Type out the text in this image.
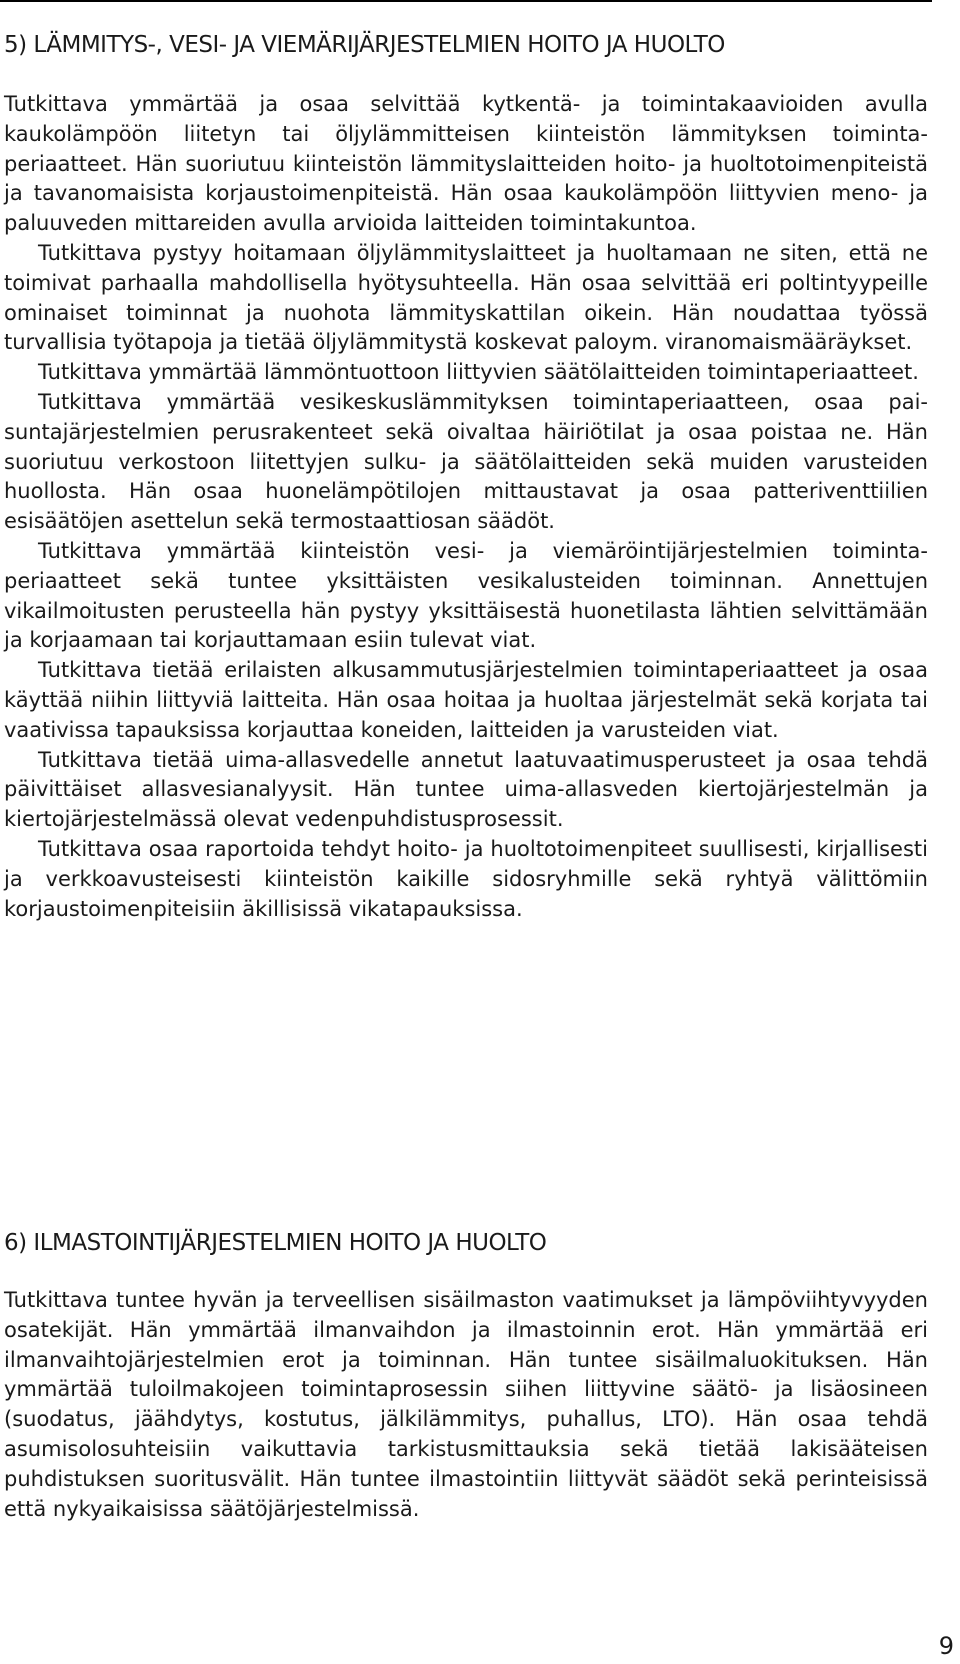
5) LÄMMITYS-, VESI- JA VIEMÄRIJÄRJESTELMIEN HOITO JA HUOLTO

Tutkittava ymmärtää ja osaa selvittää kytkentä- ja toimintakaavioiden avulla kaukolämpöön liitetyn tai öljylämmitteisen kiinteistön lämmityksen toimintaperiaatteet. Hän suoriutuu kiinteistön lämmityslaitteiden hoito- ja huoltotoimenpiteistä ja tavanomaisista korjaustoimenpiteistä. Hän osaa kaukolämpöön liittyvien meno- ja paluuveden mittareiden avulla arvioida laitteiden toimintakuntoa.

Tutkittava pystyy hoitamaan öljylämmityslaitteet ja huoltamaan ne siten, että ne toimivat parhaalla mahdollisella hyötysuhteella. Hän osaa selvittää eri poltintyypeille ominaiset toiminnat ja nuohota lämmityskattilan oikein. Hän noudattaa työssä turvallisia työtapoja ja tietää öljylämmitystä koskevat paloym. viranomaismääräykset.

Tutkittava ymmärtää lämmöntuottoon liittyvien säätölaitteiden toimintaperiaatteet.

Tutkittava ymmärtää vesikeskuslämmityksen toimintaperiaatteen, osaa paisuntajärjestelmien perusrakenteet sekä oivaltaa häiriötilat ja osaa poistaa ne. Hän suoriutuu verkostoon liitettyjen sulku- ja säätölaitteiden sekä muiden varusteiden huollosta. Hän osaa huonelämpötilojen mittaustavat ja osaa patteriventtiilien esisäätöjen asettelun sekä termostaattiosan säädöt.

Tutkittava ymmärtää kiinteistön vesi- ja viemäröintijärjestelmien toimintaperiaatteet sekä tuntee yksittäisten vesikalusteiden toiminnan. Annettujen vikailmoitusten perusteella hän pystyy yksittäisestä huonetilasta lähtien selvittämään ja korjaamaan tai korjauttamaan esiin tulevat viat.

Tutkittava tietää erilaisten alkusammutusjärjestelmien toimintaperiaatteet ja osaa käyttää niihin liittyviä laitteita. Hän osaa hoitaa ja huoltaa järjestelmät sekä korjata tai vaativissa tapauksissa korjauttaa koneiden, laitteiden ja varusteiden viat.

Tutkittava tietää uima-allasvedelle annetut laatuvaatimusperusteet ja osaa tehdä päivittäiset allasvesianalyysit. Hän tuntee uima-allasveden kiertojärjestelmän ja kiertojärjestelmässä olevat vedenpuhdistusprosessit.

Tutkittava osaa raportoida tehdyt hoito- ja huoltotoimenpiteet suullisesti, kirjallisesti ja verkkoavusteisesti kiinteistön kaikille sidosryhmille sekä ryhtyä välittömiin korjaustoimenpiteisiin äkillisissä vikatapauksissa.

6) ILMASTOINTIJÄRJESTELMIEN HOITO JA HUOLTO

Tutkittava tuntee hyvän ja terveellisen sisäilmaston vaatimukset ja lämpöviihtyvyyden osatekijät. Hän ymmärtää ilmanvaihdon ja ilmastoinnin erot. Hän ymmärtää eri ilmanvaihtojärjestelmien erot ja toiminnan. Hän tuntee sisäilmaluokituksen. Hän ymmärtää tuloilmakojeen toimintaprosessin siihen liittyvine säätö- ja lisäosineen (suodatus, jäähdytys, kostutus, jälkilämmitys, puhallus, LTO). Hän osaa tehdä asumisolosuhteisiin vaikuttavia tarkistusmittauksia sekä tietää lakisääteisen puhdistuksen suoritusvälit. Hän tuntee ilmastointiin liittyvät säädöt sekä perinteisissä että nykyaikaisissa säätöjärjestelmissä.

9
